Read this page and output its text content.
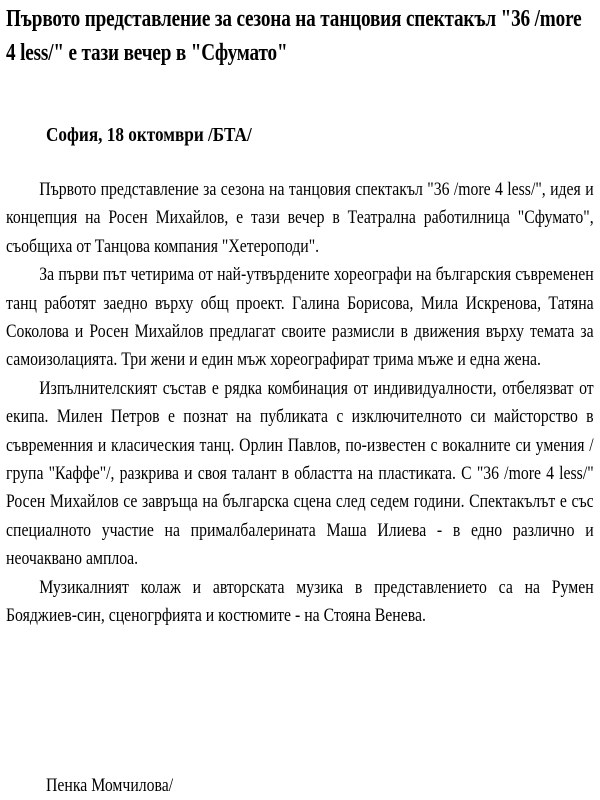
Първото представление за сезона на танцовия спектакъл "36 /more 4 less/" е тази вечер в "Сфумато"

София, 18 октомври /БТА/

Първото представление за сезона на танцовия спектакъл "36 /more 4 less/", идея и концепция на Росен Михайлов, е тази вечер в Театрална работилница "Сфумато", съобщиха от Танцова компания "Хетероподи".

За първи път четирима от най-утвърдените хореографи на българския съвременен танц работят заедно върху общ проект. Галина Борисова, Мила Искренова, Татяна Соколова и Росен Михайлов предлагат своите размисли в движения върху темата за самоизолацията. Три жени и един мъж хореографират трима мъже и една жена.

Изпълнителският състав е рядка комбинация от индивидуалности, отбелязват от екипа. Милен Петров е познат на публиката с изключителното си майсторство в съвременния и класическия танц. Орлин Павлов, по-известен с вокалните си умения /група "Каффе"/, разкрива и своя талант в областта на пластиката. С "36 /more 4 less/" Росен Михайлов се завръща на българска сцена след седем години. Спектакълът е със специалното участие на прималбалерината Маша Илиева - в едно различно и неочаквано амплоа.

Музикалният колаж и авторската музика в представлението са на Румен Бояджиев-син, сценогрфията и костюмите - на Стояна Венева.

Пенка Момчилова/
